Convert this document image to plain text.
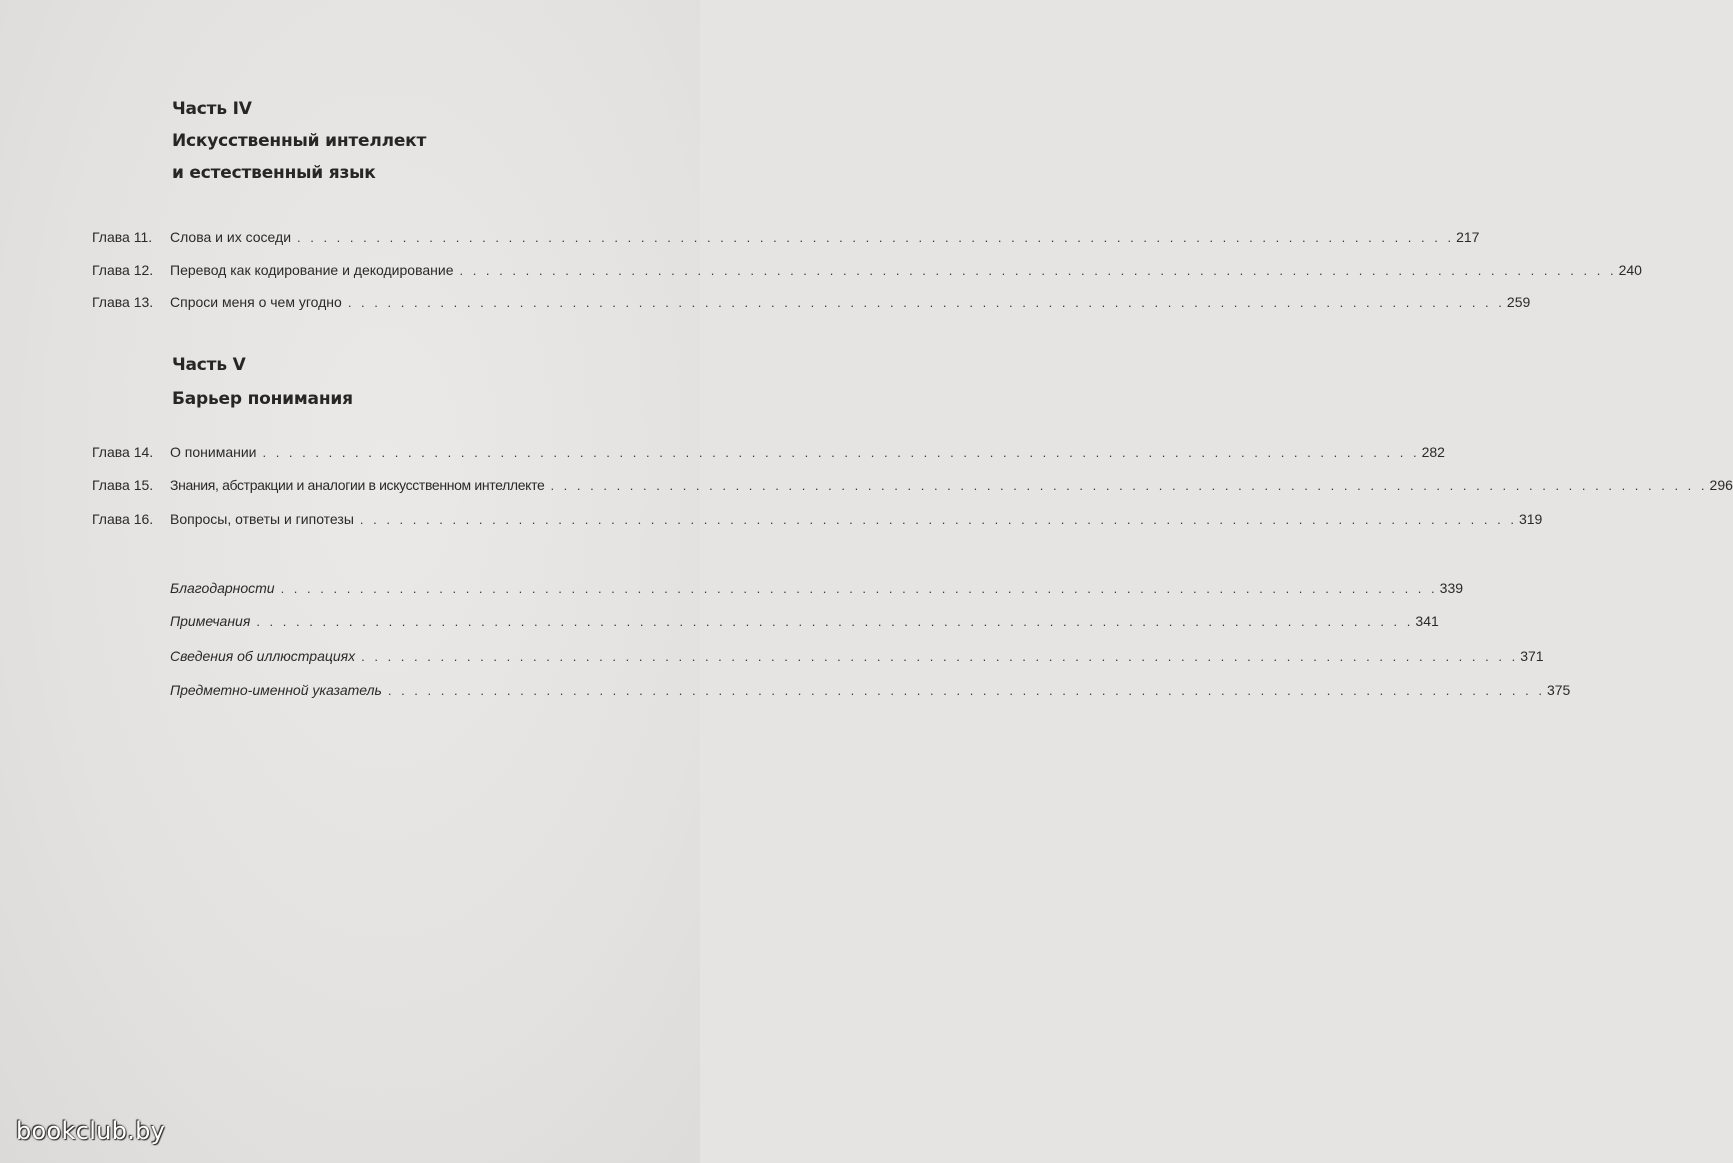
Часть IV
Искусственный интеллект
и естественный язык
Глава 11. Слова и их соседи . . . . . . . . . . . . . . . . . . . . . . . . . . . . . . . . . . . . . . . . . . . . . . . . . . . . . . . . . . . . . . . . . . . . . . . . . . . . . . . . . . . . . . . . 217
Глава 12. Перевод как кодирование и декодирование . . . . . . . . . . . . . . . . . . . . . . . . . . . . . . . . . . . . . . . . . . . . . . . . . . . . . . . . . . . . . . . . . . . . . . . . . . . . . . . . . . . . . . . . 240
Глава 13. Спроси меня о чем угодно . . . . . . . . . . . . . . . . . . . . . . . . . . . . . . . . . . . . . . . . . . . . . . . . . . . . . . . . . . . . . . . . . . . . . . . . . . . . . . . . . . . . . . . . 259
Часть V
Барьер понимания
Глава 14. О понимании . . . . . . . . . . . . . . . . . . . . . . . . . . . . . . . . . . . . . . . . . . . . . . . . . . . . . . . . . . . . . . . . . . . . . . . . . . . . . . . . . . . . . . . . 282
Глава 15. Знания, абстракции и аналогии в искусственном интеллекте . . . . . . . . . . . . . . . . . . . . . . . . . . . . . . . . . . . . . . . . . . . . . . . . . . . . . . . . . . . . . . . . . . . . . . . . . . . . . . . . . . . . . . . . 296
Глава 16. Вопросы, ответы и гипотезы . . . . . . . . . . . . . . . . . . . . . . . . . . . . . . . . . . . . . . . . . . . . . . . . . . . . . . . . . . . . . . . . . . . . . . . . . . . . . . . . . . . . . . . . 319
Благодарности . . . . . . . . . . . . . . . . . . . . . . . . . . . . . . . . . . . . . . . . . . . . . . . . . . . . . . . . . . . . . . . . . . . . . . . . . . . . . . . . . . . . . . . . 339
Примечания . . . . . . . . . . . . . . . . . . . . . . . . . . . . . . . . . . . . . . . . . . . . . . . . . . . . . . . . . . . . . . . . . . . . . . . . . . . . . . . . . . . . . . . . 341
Сведения об иллюстрациях . . . . . . . . . . . . . . . . . . . . . . . . . . . . . . . . . . . . . . . . . . . . . . . . . . . . . . . . . . . . . . . . . . . . . . . . . . . . . . . . . . . . . . . . 371
Предметно-именной указатель . . . . . . . . . . . . . . . . . . . . . . . . . . . . . . . . . . . . . . . . . . . . . . . . . . . . . . . . . . . . . . . . . . . . . . . . . . . . . . . . . . . . . . . . 375
bookclub.by
